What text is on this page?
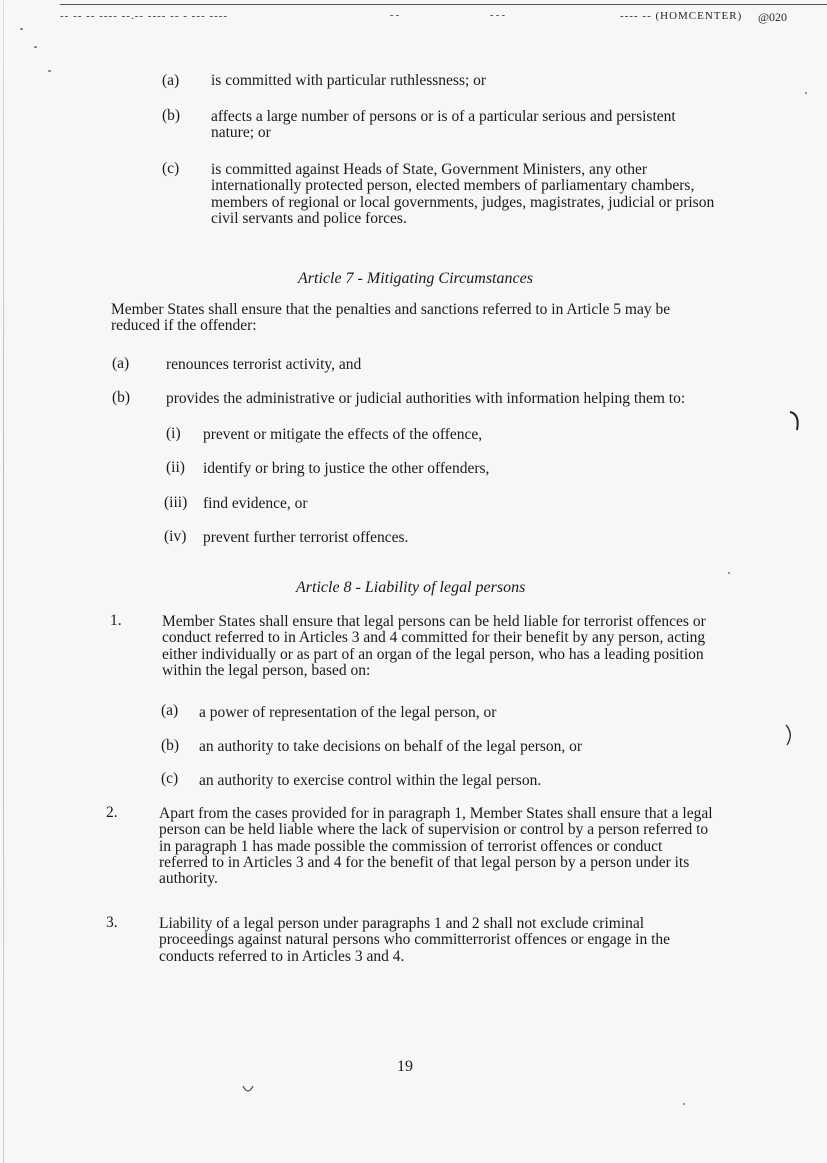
-- -- -- ---- --.-- ---- -- - --- ----	- -	- - -	---- -- (HOMCENTER) @020
(a) is committed with particular ruthlessness; or
(b) affects a large number of persons or is of a particular serious and persistent nature; or
(c) is committed against Heads of State, Government Ministers, any other internationally protected person, elected members of parliamentary chambers, members of regional or local governments, judges, magistrates, judicial or prison civil servants and police forces.
Article 7 - Mitigating Circumstances
Member States shall ensure that the penalties and sanctions referred to in Article 5 may be reduced if the offender:
(a) renounces terrorist activity, and
(b) provides the administrative or judicial authorities with information helping them to:
(i) prevent or mitigate the effects of the offence,
(ii) identify or bring to justice the other offenders,
(iii) find evidence, or
(iv) prevent further terrorist offences.
Article 8 - Liability of legal persons
1.	Member States shall ensure that legal persons can be held liable for terrorist offences or conduct referred to in Articles 3 and 4 committed for their benefit by any person, acting either individually or as part of an organ of the legal person, who has a leading position within the legal person, based on:
(a) a power of representation of the legal person, or
(b) an authority to take decisions on behalf of the legal person, or
(c) an authority to exercise control within the legal person.
2.	Apart from the cases provided for in paragraph 1, Member States shall ensure that a legal person can be held liable where the lack of supervision or control by a person referred to in paragraph 1 has made possible the commission of terrorist offences or conduct referred to in Articles 3 and 4 for the benefit of that legal person by a person under its authority.
3.	Liability of a legal person under paragraphs 1 and 2 shall not exclude criminal proceedings against natural persons who committerrorist offences or engage in the conducts referred to in Articles 3 and 4.
19
